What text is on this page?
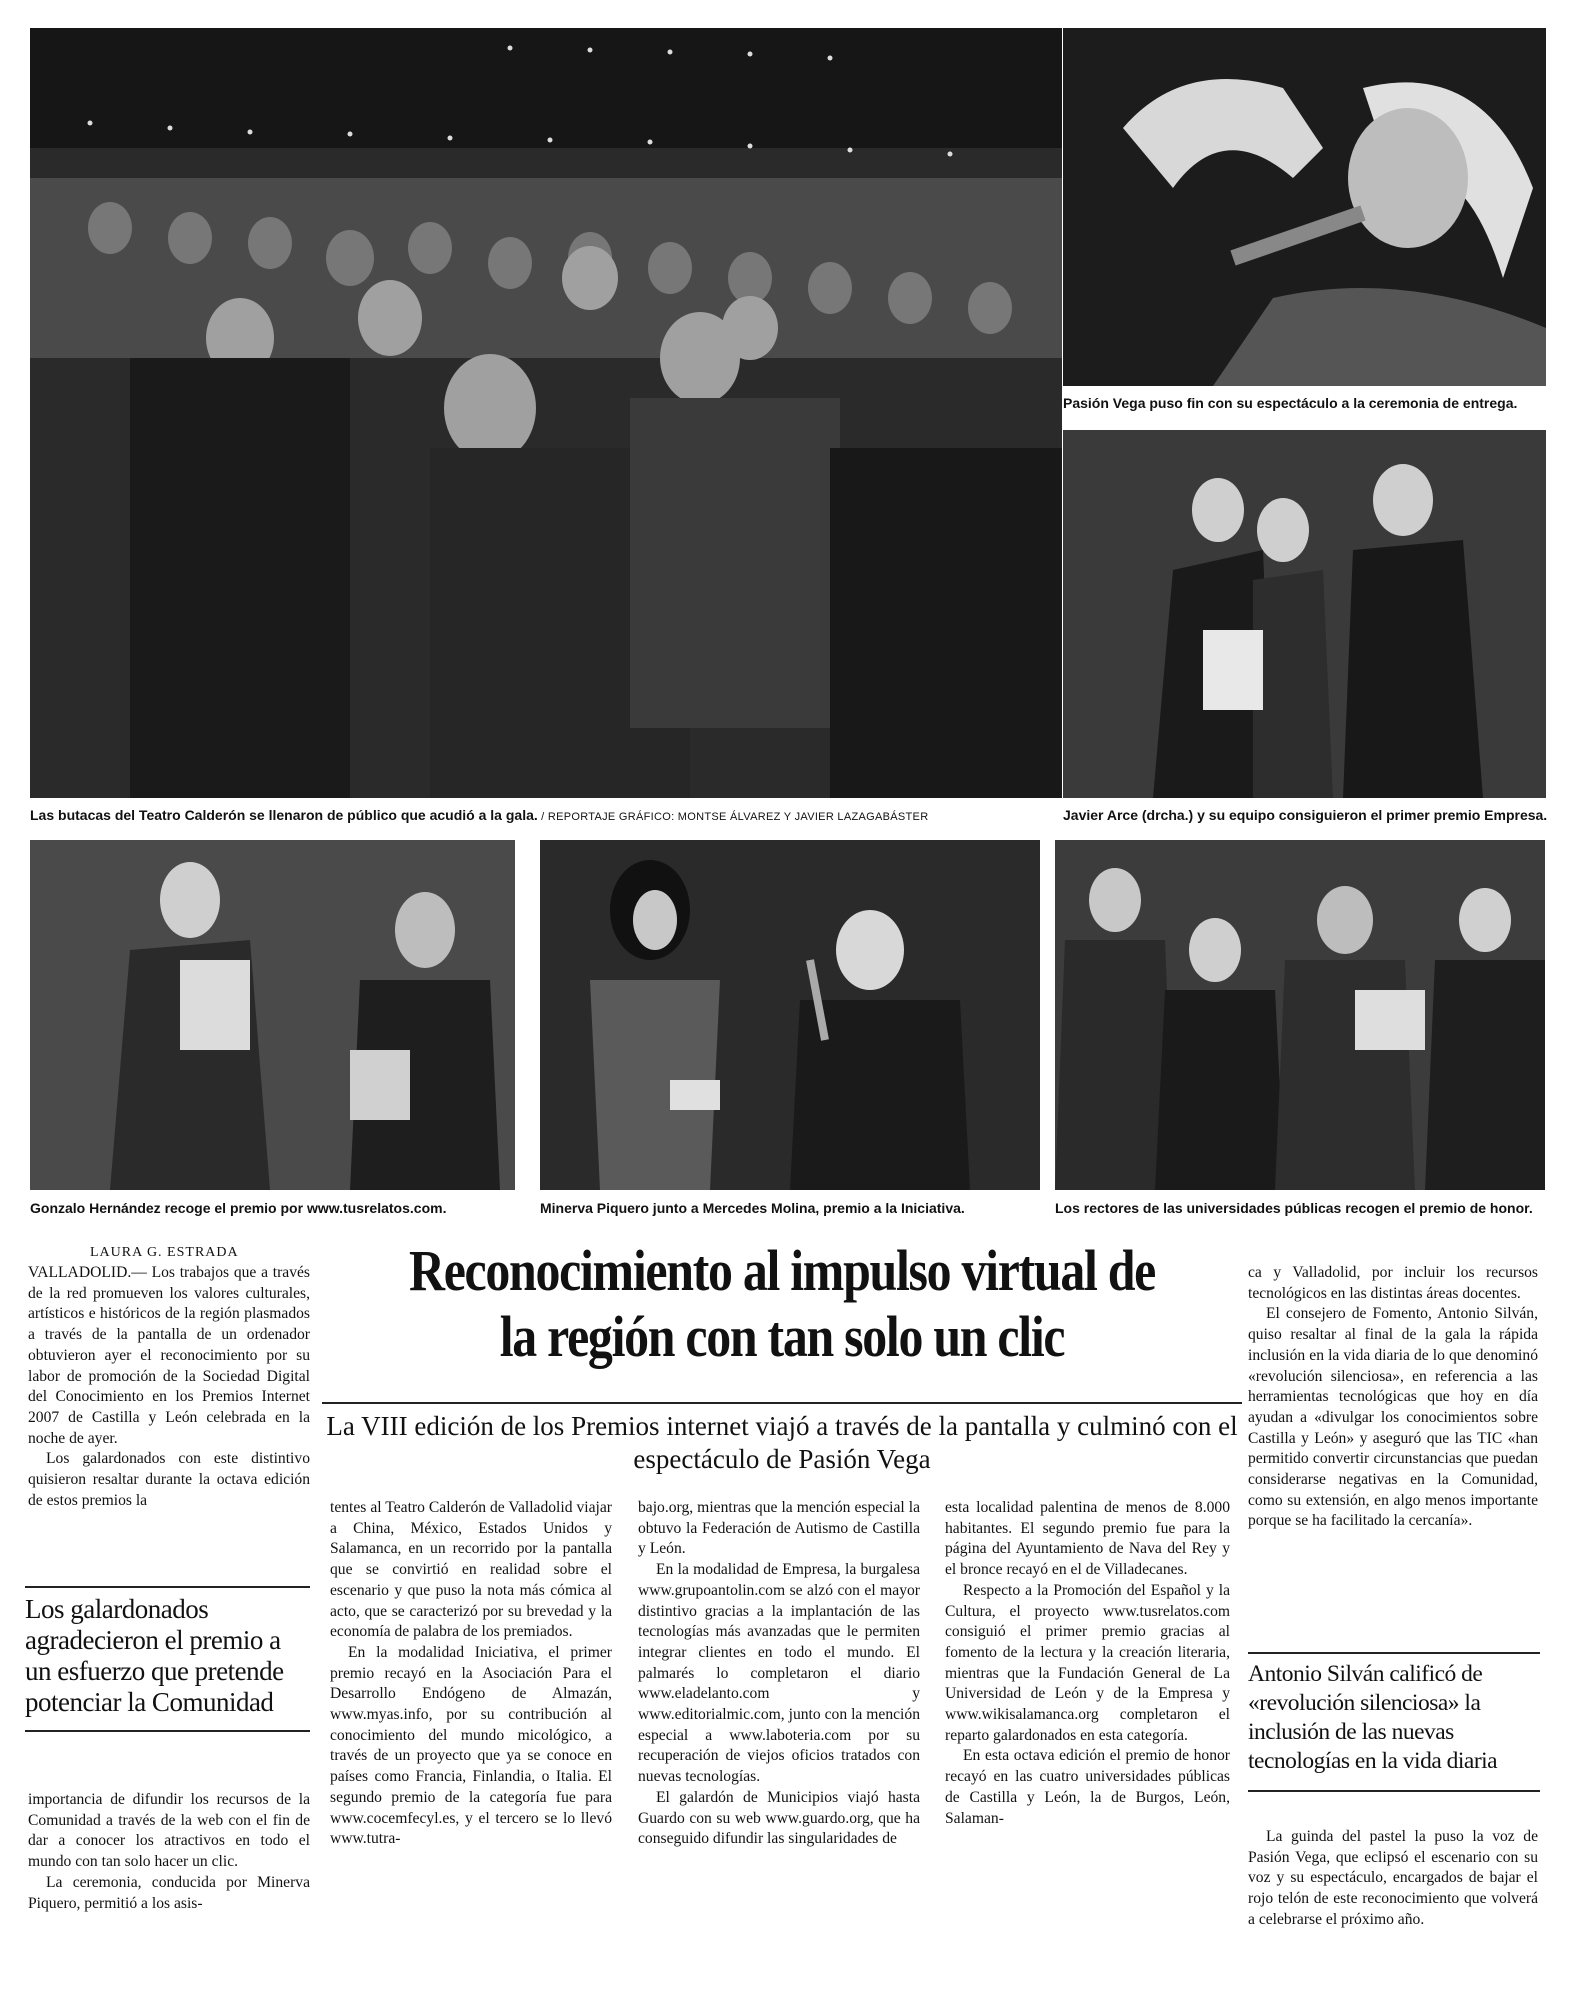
Las butacas del Teatro Calderón se llenaron de público que acudió a la gala. / REPORTAJE GRÁFICO: MONTSE ÁLVAREZ Y JAVIER LAZAGABÁSTER
Pasión Vega puso fin con su espectáculo a la ceremonia de entrega.
Javier Arce (drcha.) y su equipo consiguieron el primer premio Empresa.
Gonzalo Hernández recoge el premio por www.tusrelatos.com.	Minerva Piquero junto a Mercedes Molina, premio a la Iniciativa.	Los rectores de las universidades públicas recogen el premio de honor.
LAURA G. ESTRADA

VALLADOLID.— Los trabajos que a través de la red promueven los valores culturales, artísticos e históricos de la región plasmados a través de la pantalla de un ordenador obtuvieron ayer el reconocimiento por su labor de promoción de la Sociedad Digital del Conocimiento en los Premios Internet 2007 de Castilla y León celebrada en la noche de ayer.

Los galardonados con este distintivo quisieron resaltar durante la octava edición de estos premios la

Los galardonados agradecieron el premio a un esfuerzo que pretende potenciar la Comunidad

importancia de difundir los recursos de la Comunidad a través de la web con el fin de dar a conocer los atractivos en todo el mundo con tan solo hacer un clic.

La ceremonia, conducida por Minerva Piquero, permitió a los asis-

Reconocimiento al impulso virtual de la región con tan solo un clic
La VIII edición de los Premios internet viajó a través de la pantalla y culminó con el espectáculo de Pasión Vega

tentes al Teatro Calderón de Valladolid viajar a China, México, Estados Unidos y Salamanca, en un recorrido por la pantalla que se convirtió en realidad sobre el escenario y que puso la nota más cómica al acto, que se caracterizó por su brevedad y la economía de palabra de los premiados.

En la modalidad Iniciativa, el primer premio recayó en la Asociación Para el Desarrollo Endógeno de Almazán, www.myas.info, por su contribución al conocimiento del mundo micológico, a través de un proyecto que ya se conoce en países como Francia, Finlandia, o Italia. El segundo premio de la categoría fue para www.cocemfecyl.es, y el tercero se lo llevó www.tutra-

bajo.org, mientras que la mención especial la obtuvo la Federación de Autismo de Castilla y León.

En la modalidad de Empresa, la burgalesa www.grupoantolin.com se alzó con el mayor distintivo gracias a la implantación de las tecnologías más avanzadas que le permiten integrar clientes en todo el mundo. El palmarés lo completaron el diario www.eladelanto.com y www.editorialmic.com, junto con la mención especial a www.laboteria.com por su recuperación de viejos oficios tratados con nuevas tecnologías.

El galardón de Municipios viajó hasta Guardo con su web www.guardo.org, que ha conseguido difundir las singularidades de

esta localidad palentina de menos de 8.000 habitantes. El segundo premio fue para la página del Ayuntamiento de Nava del Rey y el bronce recayó en el de Villadecanes.

Respecto a la Promoción del Español y la Cultura, el proyecto www.tusrelatos.com consiguió el primer premio gracias al fomento de la lectura y la creación literaria, mientras que la Fundación General de La Universidad de León y de la Empresa y www.wikisalamanca.org completaron el reparto galardonados en esta categoría.

En esta octava edición el premio de honor recayó en las cuatro universidades públicas de Castilla y León, la de Burgos, León, Salaman-

ca y Valladolid, por incluir los recursos tecnológicos en las distintas áreas docentes.

El consejero de Fomento, Antonio Silván, quiso resaltar al final de la gala la rápida inclusión en la vida diaria de lo que denominó «revolución silenciosa», en referencia a las herramientas tecnológicas que hoy en día ayudan a «divulgar los conocimientos sobre Castilla y León» y aseguró que las TIC «han permitido convertir circunstancias que puedan considerarse negativas en la Comunidad, como su extensión, en algo menos importante porque se ha facilitado la cercanía».

Antonio Silván calificó de «revolución silenciosa» la inclusión de las nuevas tecnologías en la vida diaria

La guinda del pastel la puso la voz de Pasión Vega, que eclipsó el escenario con su voz y su espectáculo, encargados de bajar el rojo telón de este reconocimiento que volverá a celebrarse el próximo año.
